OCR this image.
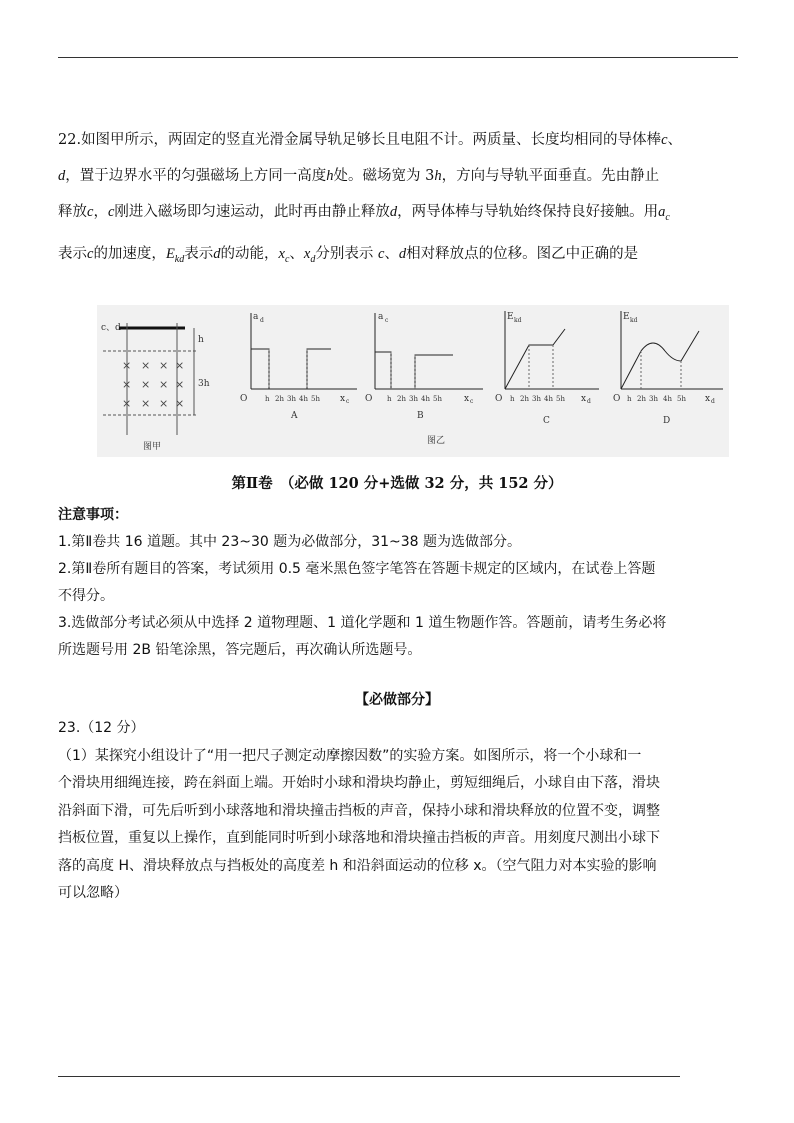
22.如图甲所示，两固定的竖直光滑金属导轨足够长且电阻不计。两质量、长度均相同的导体棒c、

d，置于边界水平的匀强磁场上方同一高度h处。磁场宽为 3h，方向与导轨平面垂直。先由静止

释放c，c刚进入磁场即匀速运动，此时再由静止释放d，两导体棒与导轨始终保持良好接触。用$a_c$

表示c的加速度，$E_{kd}$表示d的动能，$x_c$、$x_d$分别表示 c、d相对释放点的位移。图乙中正确的是

c、d
h
3h
× × × ×
× × × ×
× × × ×
图甲
a d
O	h 2h 3h 4h 5h x c
A
a c
O h 2h 3h 4h 5h x c
B
E kd
O h 2h 3h 4h 5h x d
C
E kd
O h 2h 3h 4h 5h x d
D
图乙
第Ⅱ卷　（必做 120 分+选做 32 分，共 152 分）

注意事项：

1.第Ⅱ卷共 16 道题。其中 23~30 题为必做部分，31~38 题为选做部分。

2.第Ⅱ卷所有题目的答案，考试须用 0.5 毫米黑色签字笔答在答题卡规定的区域内，在试卷上答题

不得分。

3.选做部分考试必须从中选择 2 道物理题、1 道化学题和 1 道生物题作答。答题前，请考生务必将

所选题号用 2B 铅笔涂黑，答完题后，再次确认所选题号。

【必做部分】

23.（12 分）

（1）某探究小组设计了“用一把尺子测定动摩擦因数”的实验方案。如图所示，将一个小球和一

个滑块用细绳连接，跨在斜面上端。开始时小球和滑块均静止，剪短细绳后，小球自由下落，滑块

沿斜面下滑，可先后听到小球落地和滑块撞击挡板的声音，保持小球和滑块释放的位置不变，调整

挡板位置，重复以上操作，直到能同时听到小球落地和滑块撞击挡板的声音。用刻度尺测出小球下

落的高度 H、滑块释放点与挡板处的高度差 h 和沿斜面运动的位移 x。（空气阻力对本实验的影响

可以忽略）
